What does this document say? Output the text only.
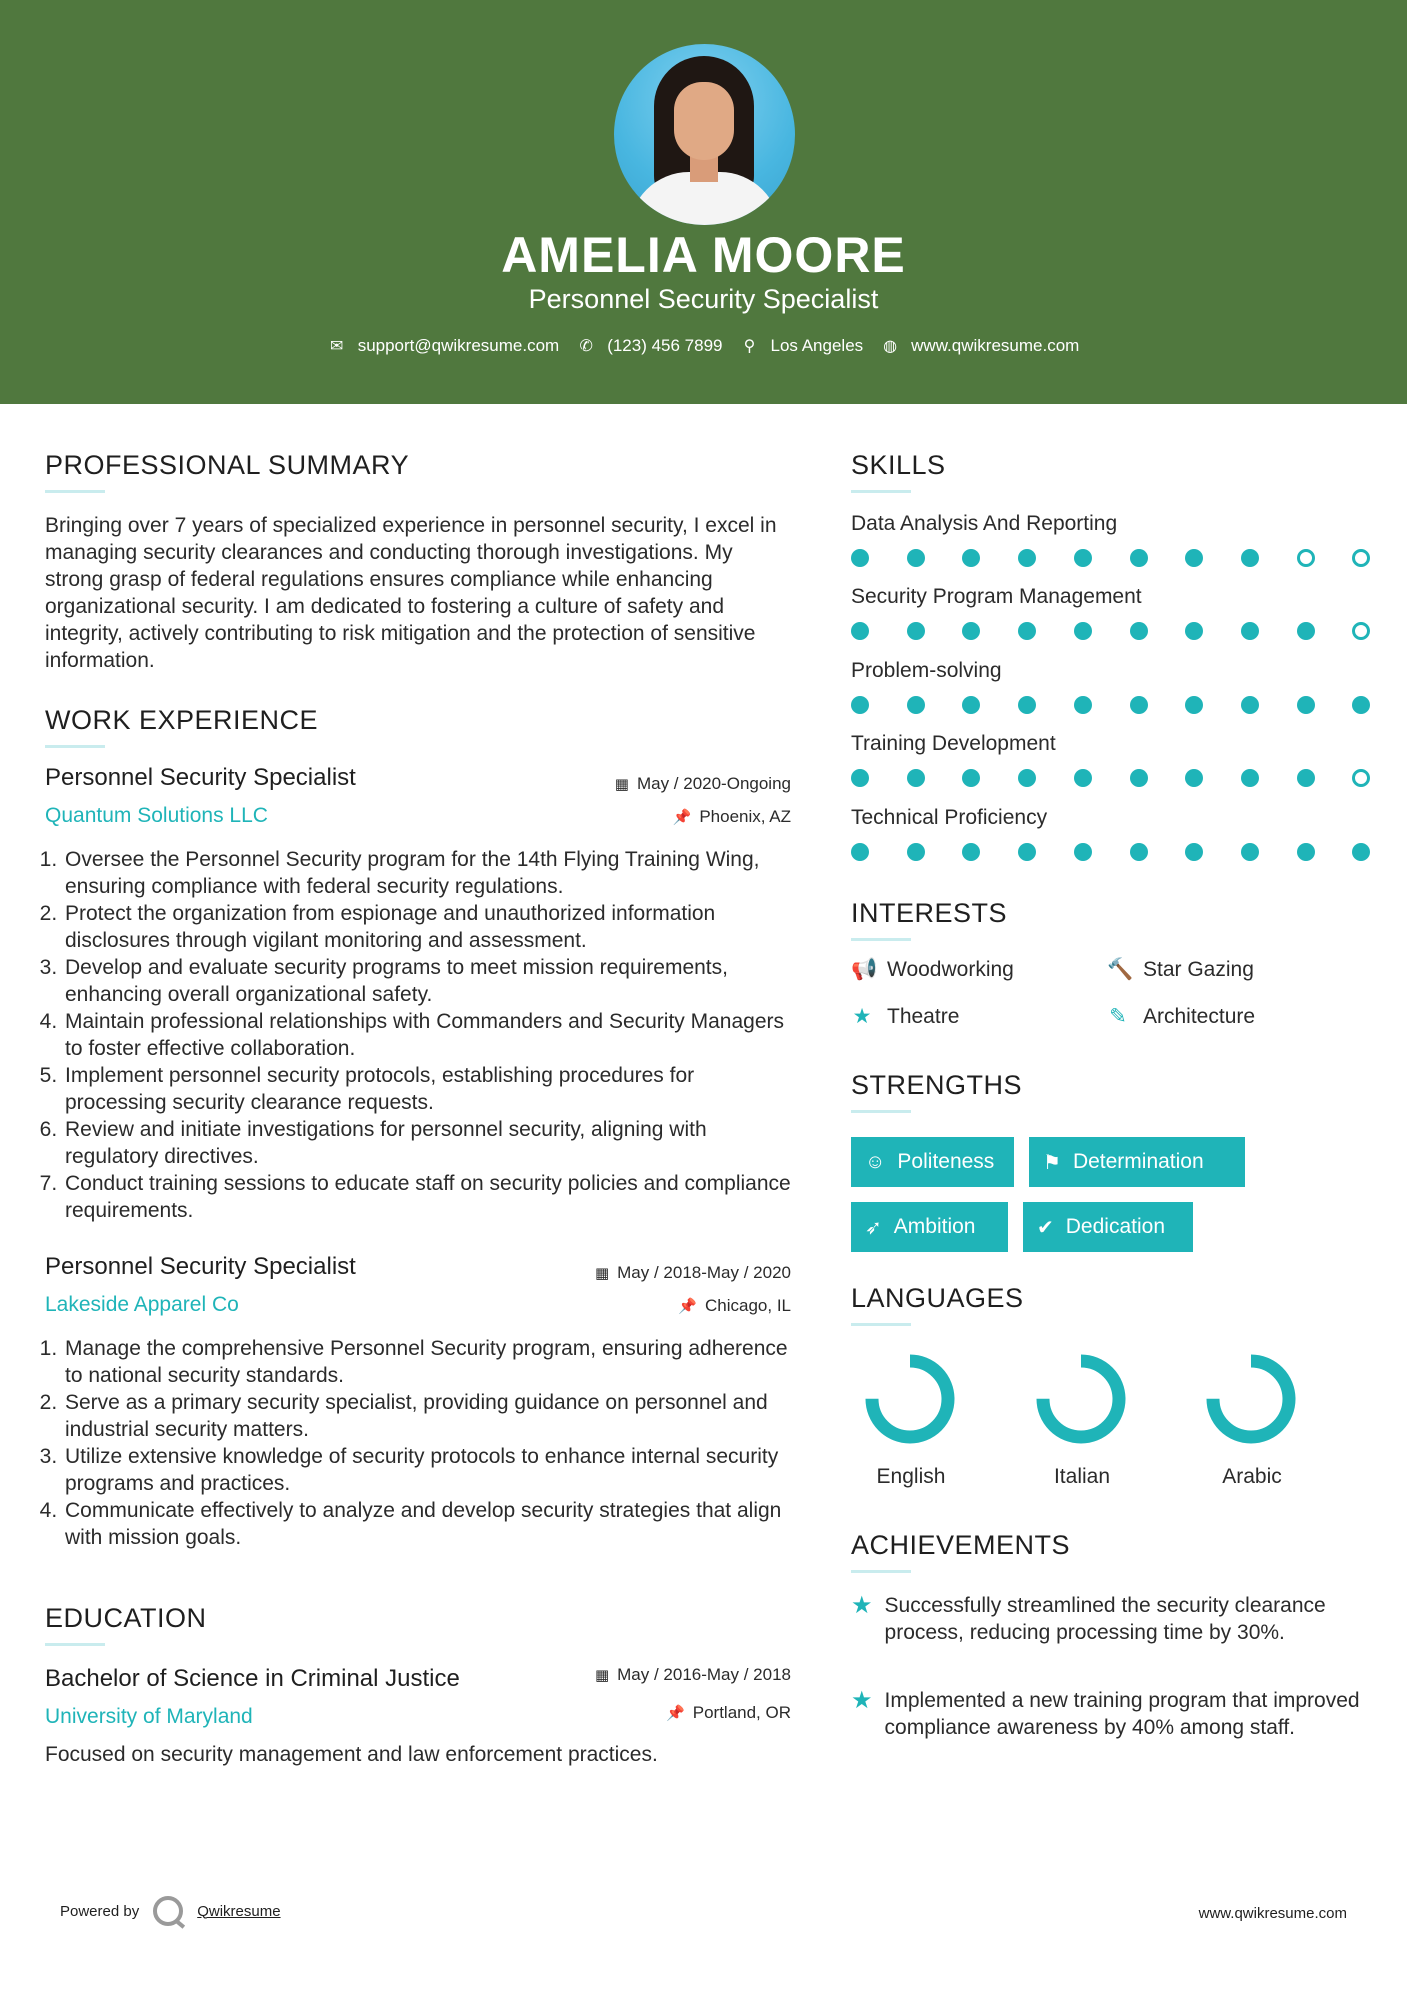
AMELIA MOORE
Personnel Security Specialist
✉ support@qwikresume.com ✆ (123) 456 7899 ⚲ Los Angeles ◍ www.qwikresume.com
PROFESSIONAL SUMMARY
Bringing over 7 years of specialized experience in personnel security, I excel in managing security clearances and conducting thorough investigations. My strong grasp of federal regulations ensures compliance while enhancing organizational security. I am dedicated to fostering a culture of safety and integrity, actively contributing to risk mitigation and the protection of sensitive information.
WORK EXPERIENCE
Personnel Security Specialist
Quantum Solutions LLC
▦ May / 2020-Ongoing
📌 Phoenix, AZ
1. Oversee the Personnel Security program for the 14th Flying Training Wing, ensuring compliance with federal security regulations.
2. Protect the organization from espionage and unauthorized information disclosures through vigilant monitoring and assessment.
3. Develop and evaluate security programs to meet mission requirements, enhancing overall organizational safety.
4. Maintain professional relationships with Commanders and Security Managers to foster effective collaboration.
5. Implement personnel security protocols, establishing procedures for processing security clearance requests.
6. Review and initiate investigations for personnel security, aligning with regulatory directives.
7. Conduct training sessions to educate staff on security policies and compliance requirements.
Personnel Security Specialist
Lakeside Apparel Co
▦ May / 2018-May / 2020
📌 Chicago, IL
1. Manage the comprehensive Personnel Security program, ensuring adherence to national security standards.
2. Serve as a primary security specialist, providing guidance on personnel and industrial security matters.
3. Utilize extensive knowledge of security protocols to enhance internal security programs and practices.
4. Communicate effectively to analyze and develop security strategies that align with mission goals.
EDUCATION
Bachelor of Science in Criminal Justice
University of Maryland
▦ May / 2016-May / 2018
📌 Portland, OR
Focused on security management and law enforcement practices.
SKILLS
Data Analysis And Reporting
Security Program Management
Problem-solving
Training Development
Technical Proficiency
INTERESTS
📢 Woodworking	🔨 Star Gazing
★ Theatre	✎ Architecture
STRENGTHS
☺ Politeness ⚑ Determination
➶ Ambition	✔ Dedication
LANGUAGES
English	Italian	Arabic
ACHIEVEMENTS
★ Successfully streamlined the security clearance process, reducing processing time by 30%.
★ Implemented a new training program that improved compliance awareness by 40% among staff.
Powered by	Qwikresume	www.qwikresume.com
